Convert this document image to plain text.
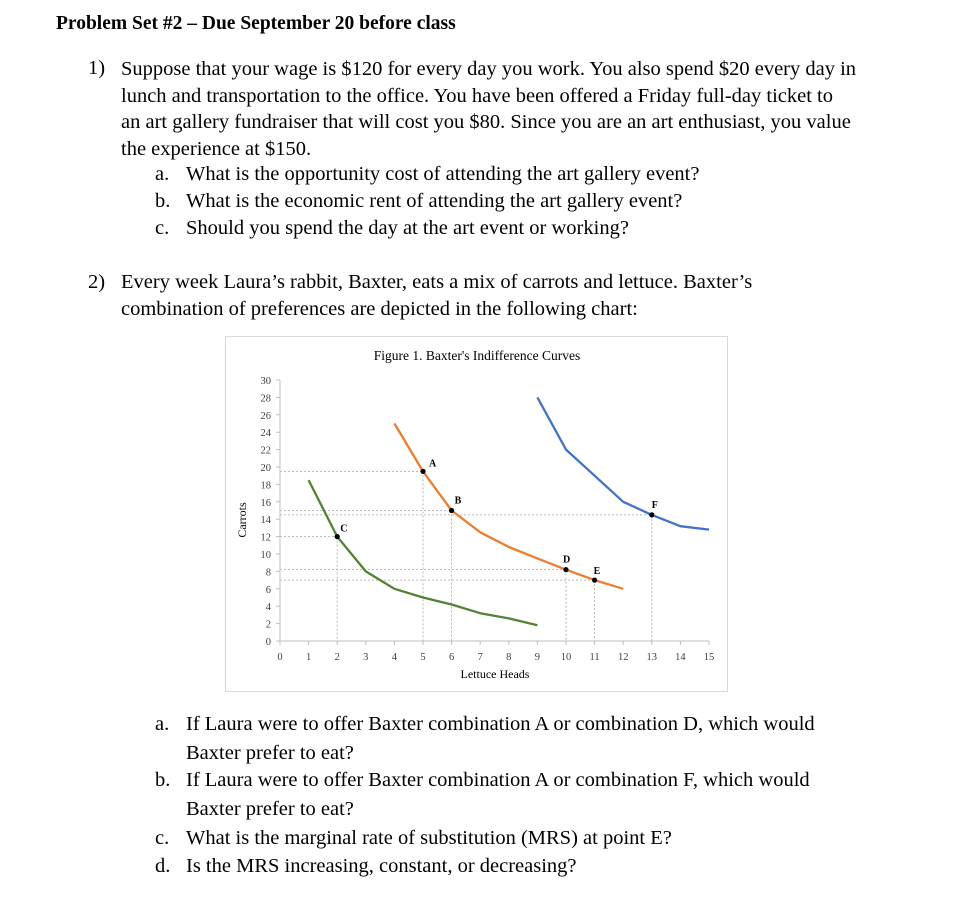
Problem Set #2 – Due September 20 before class
1) Suppose that your wage is $120 for every day you work. You also spend $20 every day in
lunch and transportation to the office. You have been offered a Friday full-day ticket to
an art gallery fundraiser that will cost you $80. Since you are an art enthusiast, you value
the experience at $150.
a. What is the opportunity cost of attending the art gallery event?
b. What is the economic rent of attending the art gallery event?
c. Should you spend the day at the art event or working?
2) Every week Laura’s rabbit, Baxter, eats a mix of carrots and lettuce. Baxter’s
combination of preferences are depicted in the following chart:
Figure 1. Baxter's Indifference Curves
Lettuce Heads
Carrots
0
2
4
6
8
10
12
14
16
18
20
22
24
26
28
30
0 1 2 3 4 5 6 7 8 9 10 11 12 13 14 15
A
B
C
D
E
F
a. If Laura were to offer Baxter combination A or combination D, which would
Baxter prefer to eat?
b. If Laura were to offer Baxter combination A or combination F, which would
Baxter prefer to eat?
c. What is the marginal rate of substitution (MRS) at point E?
d. Is the MRS increasing, constant, or decreasing?
